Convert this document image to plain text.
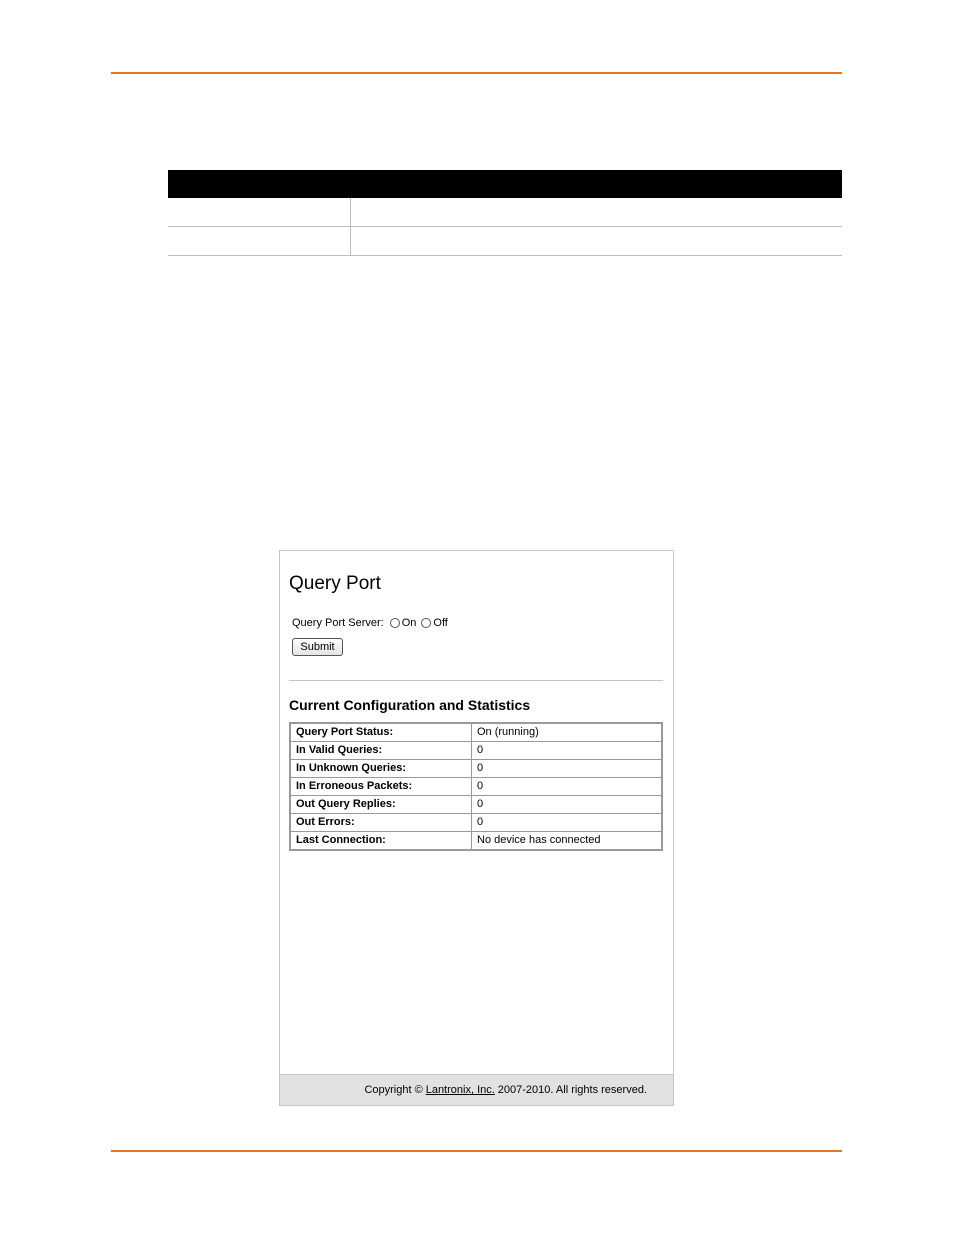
Query Port
Query Port Server: On Off
Submit
Current Configuration and Statistics
Query Port Status:	On (running)
In Valid Queries:	0
In Unknown Queries:	0
In Erroneous Packets:	0
Out Query Replies:	0
Out Errors:	0
Last Connection:	No device has connected
Copyright © Lantronix, Inc. 2007-2010. All rights reserved.
